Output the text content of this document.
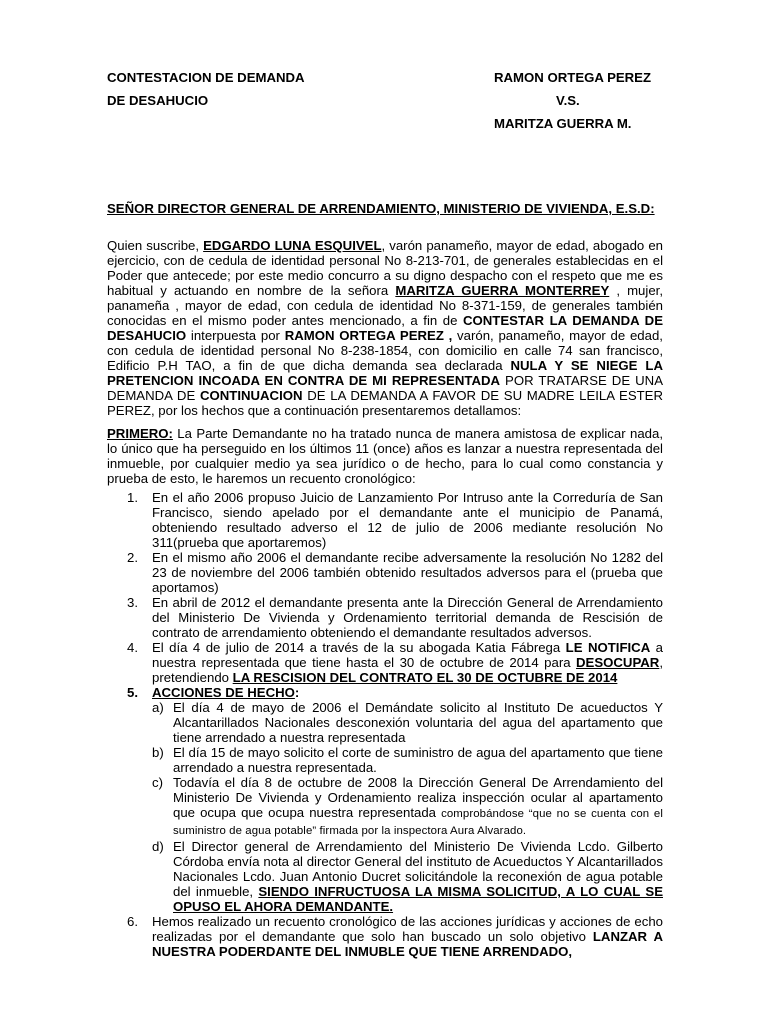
CONTESTACION DE DEMANDA
DE DESAHUCIO
RAMON ORTEGA PEREZ
V.S.
MARITZA GUERRA M.
SEÑOR DIRECTOR GENERAL DE ARRENDAMIENTO, MINISTERIO DE VIVIENDA, E.S.D:
Quien suscribe, EDGARDO LUNA ESQUIVEL, varón panameño, mayor de edad, abogado en ejercicio, con de cedula de identidad personal No 8-213-701, de generales establecidas en el Poder que antecede; por este medio concurro a su digno despacho con el respeto que me es habitual y actuando en nombre de la señora MARITZA GUERRA MONTERREY , mujer, panameña , mayor de edad, con cedula de identidad No 8-371-159, de generales también conocidas en el mismo poder antes mencionado, a fin de CONTESTAR LA DEMANDA DE DESAHUCIO interpuesta por RAMON ORTEGA PEREZ , varón, panameño, mayor de edad, con cedula de identidad personal No 8-238-1854, con domicilio en calle 74 san francisco, Edificio P.H TAO, a fin de que dicha demanda sea declarada NULA Y SE NIEGE LA PRETENCION INCOADA EN CONTRA DE MI REPRESENTADA POR TRATARSE DE UNA DEMANDA DE CONTINUACION DE LA DEMANDA A FAVOR DE SU MADRE LEILA ESTER PEREZ, por los hechos que a continuación presentaremos detallamos:
PRIMERO: La Parte Demandante no ha tratado nunca de manera amistosa de explicar nada, lo único que ha perseguido en los últimos 11 (once) años es lanzar a nuestra representada del inmueble, por cualquier medio ya sea jurídico o de hecho, para lo cual como constancia y prueba de esto, le haremos un recuento cronológico:
1. En el año 2006 propuso Juicio de Lanzamiento Por Intruso ante la Correduría de San Francisco, siendo apelado por el demandante ante el municipio de Panamá, obteniendo resultado adverso el 12 de julio de 2006 mediante resolución No 311(prueba que aportaremos)
2. En el mismo año 2006 el demandante recibe adversamente la resolución No 1282 del 23 de noviembre del 2006 también obtenido resultados adversos para el (prueba que aportamos)
3. En abril de 2012 el demandante presenta ante la Dirección General de Arrendamiento del Ministerio De Vivienda y Ordenamiento territorial demanda de Rescisión de contrato de arrendamiento obteniendo el demandante resultados adversos.
4. El día 4 de julio de 2014 a través de la su abogada Katia Fábrega LE NOTIFICA a nuestra representada que tiene hasta el 30 de octubre de 2014 para DESOCUPAR, pretendiendo LA RESCISION DEL CONTRATO EL 30 DE OCTUBRE DE 2014
5. ACCIONES DE HECHO:
a) El día 4 de mayo de 2006 el Demándate solicito al Instituto De acueductos Y Alcantarillados Nacionales desconexión voluntaria del agua del apartamento que tiene arrendado a nuestra representada
b) El día 15 de mayo solicito el corte de suministro de agua del apartamento que tiene arrendado a nuestra representada.
c) Todavía el día 8 de octubre de 2008 la Dirección General De Arrendamiento del Ministerio De Vivienda y Ordenamiento realiza inspección ocular al apartamento que ocupa que ocupa nuestra representada comprobándose “que no se cuenta con el suministro de agua potable” firmada por la inspectora Aura Alvarado.
d) El Director general de Arrendamiento del Ministerio De Vivienda Lcdo. Gilberto Córdoba envía nota al director General del instituto de Acueductos Y Alcantarillados Nacionales Lcdo. Juan Antonio Ducret solicitándole la reconexión de agua potable del inmueble, SIENDO INFRUCTUOSA LA MISMA SOLICITUD, A LO CUAL SE OPUSO EL AHORA DEMANDANTE.
6. Hemos realizado un recuento cronológico de las acciones jurídicas y acciones de echo realizadas por el demandante que solo han buscado un solo objetivo LANZAR A NUESTRA PODERDANTE DEL INMUBLE QUE TIENE ARRENDADO,
